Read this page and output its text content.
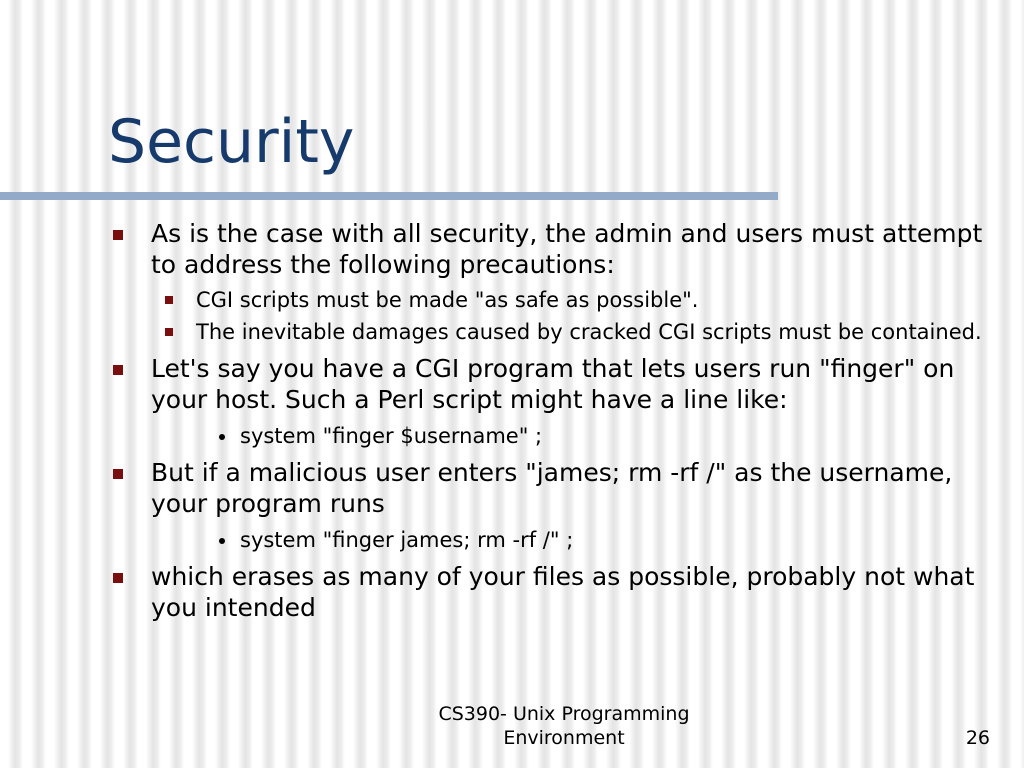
Security
As is the case with all security, the admin and users must attempt to address the following precautions:
CGI scripts must be made "as safe as possible".
The inevitable damages caused by cracked CGI scripts must be contained.
Let's say you have a CGI program that lets users run "finger" on your host. Such a Perl script might have a line like:
system "finger $username" ;
But if a malicious user enters "james; rm -rf /" as the username, your program runs
system "finger james; rm -rf /" ;
which erases as many of your files as possible, probably not what you intended
CS390- Unix Programming
Environment	26
